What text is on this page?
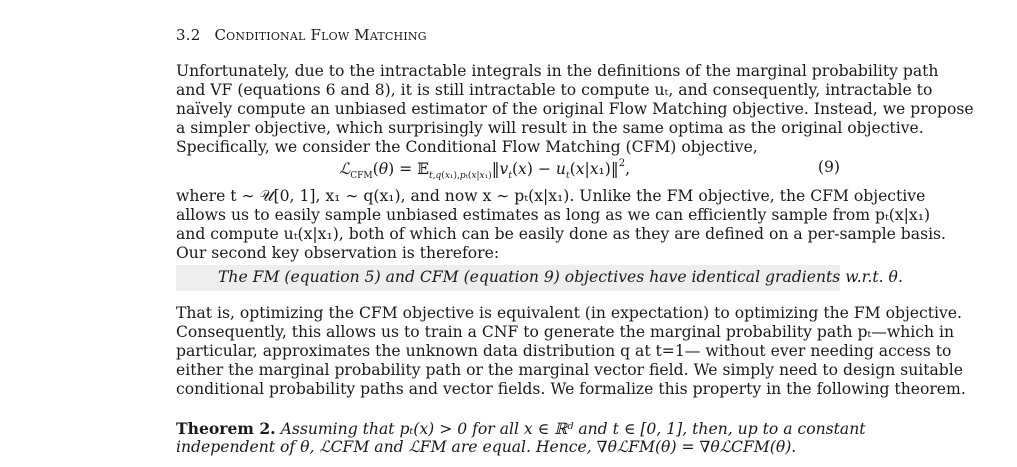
3.2 Conditional Flow Matching
Unfortunately, due to the intractable integrals in the definitions of the marginal probability path
and VF (equations 6 and 8), it is still intractable to compute uₜ, and consequently, intractable to
naïvely compute an unbiased estimator of the original Flow Matching objective. Instead, we propose
a simpler objective, which surprisingly will result in the same optima as the original objective.
Specifically, we consider the Conditional Flow Matching (CFM) objective,
ℒ$_{CFM}$(θ) = $𝔼_{t,q(x_1),p_t(x|x_1)}‖v_t(x)$ − $u_t(x|x_1)‖^2$,	(9)
where t ∼ 𝒰[0, 1], x₁ ∼ q(x₁), and now x ∼ pₜ(x|x₁). Unlike the FM objective, the CFM objective
allows us to easily sample unbiased estimates as long as we can efficiently sample from pₜ(x|x₁)
and compute uₜ(x|x₁), both of which can be easily done as they are defined on a per-sample basis.
Our second key observation is therefore:
The FM (equation 5) and CFM (equation 9) objectives have identical gradients w.r.t. θ.
That is, optimizing the CFM objective is equivalent (in expectation) to optimizing the FM objective.
Consequently, this allows us to train a CNF to generate the marginal probability path pₜ—which in
particular, approximates the unknown data distribution q at t=1— without ever needing access to
either the marginal probability path or the marginal vector field. We simply need to design suitable
conditional probability paths and vector fields. We formalize this property in the following theorem.
Theorem 2. Assuming that pₜ(x) > 0 for all x ∈ ℝᵈ and t ∈ [0, 1], then, up to a constant
independent of θ, ℒCFM and ℒFM are equal. Hence, ∇θℒFM(θ) = ∇θℒCFM(θ).
